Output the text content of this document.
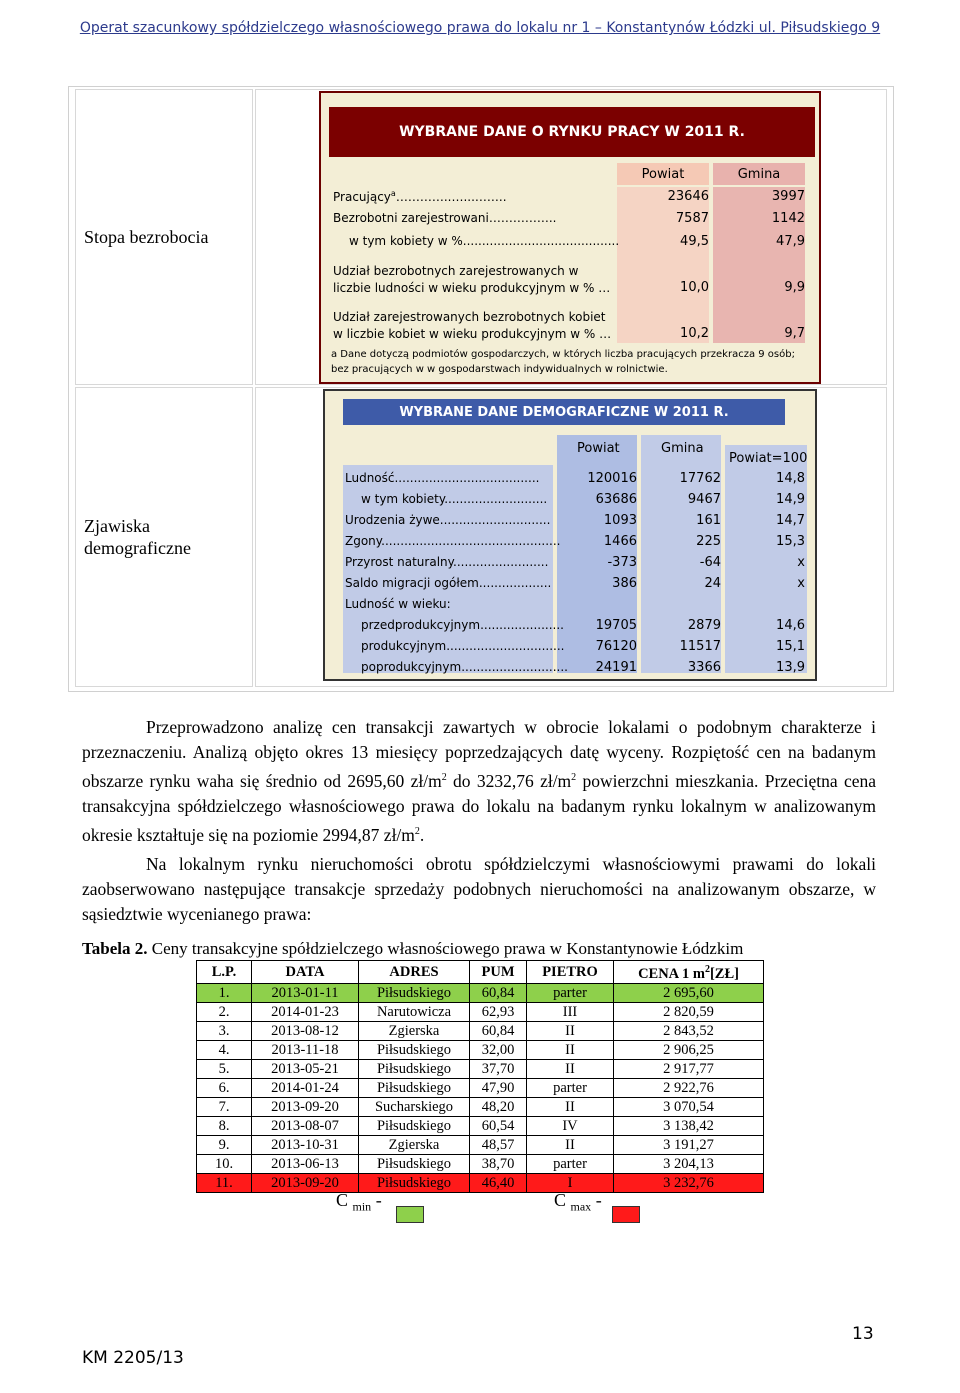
Operat szacunkowy spółdzielczego własnościowego prawa do lokalu nr 1 – Konstantynów Łódzki ul. Piłsudskiego 9
Stopa bezrobocia
Zjawiska demograficzne
WYBRANE DANE O RYNKU PRACY W 2011 R.
Powiat	Gmina
Pracujący$^a$…………..…...……..	23646	3997
Bezrobotni zarejestrowani……………..	7587	1142
w tym kobiety w %.........................................	49,5	47,9
Udział bezrobotnych zarejestrowanych w
liczbie ludności w wieku produkcyjnym w % …	10,0	9,9
Udział zarejestrowanych bezrobotnych kobiet
w liczbie kobiet w wieku produkcyjnym w % …	10,2	9,7
a Dane dotyczą podmiotów gospodarczych, w których liczba pracujących przekracza 9 osób; bez pracujących w w gospodarstwach indywidualnych w rolnictwie.
WYBRANE DANE DEMOGRAFICZNE W 2011 R.
Powiat	Gmina
Powiat=100
Ludność......................................	120016	17762	14,8
w tym kobiety...........................	63686	9467	14,9
Urodzenia żywe.............................	1093	161	14,7
Zgony...............................................	1466	225	15,3
Przyrost naturalny.........................	-373	-64	x
Saldo migracji ogółem...................	386	24	x
Ludność w wieku:
przedprodukcyjnym......................	19705	2879	14,6
produkcyjnym...............................	76120	11517	15,1
poprodukcyjnym............................	24191	3366	13,9
Przeprowadzono analizę cen transakcji zawartych w obrocie lokalami o podobnym charakterze i przeznaczeniu. Analizą objęto okres 13 miesięcy poprzedzających datę wyceny. Rozpiętość cen na badanym obszarze rynku waha się średnio od 2695,60 $zł/m^2$ do 3232,76 $zł/m^2$ powierzchni mieszkania. Przeciętna cena transakcyjna spółdzielczego własnościowego prawa do lokalu na badanym rynku lokalnym w analizowanym okresie kształtuje się na poziomie 2994,87 $zł/m^2$.
Na lokalnym rynku nieruchomości obrotu spółdzielczymi własnościowymi prawami do lokali zaobserwowano następujące transakcje sprzedaży podobnych nieruchomości na analizowanym obszarze, w sąsiedztwie wycenianego prawa:
Tabela 2. Ceny transakcyjne spółdzielczego własnościowego prawa w Konstantynowie Łódzkim
L.P.	DATA	ADRES	PUM	PIETRO	CENA 1 $m^2[ZŁ]$
1.	2013-01-11	Piłsudskiego	60,84	parter	2 695,60
2.	2014-01-23	Narutowicza	62,93	III	2 820,59
3.	2013-08-12	Zgierska	60,84	II	2 843,52
4.	2013-11-18	Piłsudskiego	32,00	II	2 906,25
5.	2013-05-21	Piłsudskiego	37,70	II	2 917,77
6.	2014-01-24	Piłsudskiego	47,90	parter	2 922,76
7.	2013-09-20	Sucharskiego	48,20	II	3 070,54
8.	2013-08-07	Piłsudskiego	60,54	IV	3 138,42
9.	2013-10-31	Zgierska	48,57	II	3 191,27
10.	2013-06-13	Piłsudskiego	38,70	parter	3 204,13
11.	2013-09-20	Piłsudskiego	46,40	I	3 232,76
C $_{min}$ -	C $_{max}$ -
KM 2205/13
13
